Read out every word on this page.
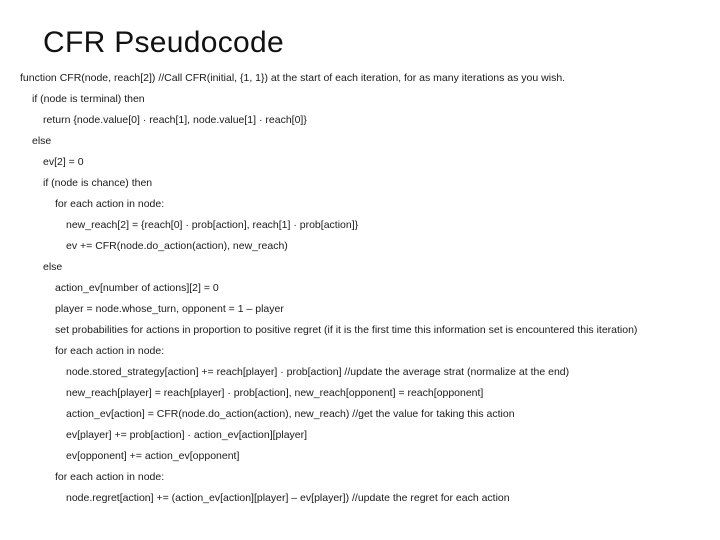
CFR Pseudocode
function CFR(node, reach[2]) //Call CFR(initial, {1, 1}) at the start of each iteration, for as many iterations as you wish.
if (node is terminal) then
return {node.value[0] · reach[1], node.value[1] · reach[0]}
else
ev[2] = 0
if (node is chance) then
for each action in node:
new_reach[2] = {reach[0] · prob[action], reach[1] · prob[action]}
ev += CFR(node.do_action(action), new_reach)
else
action_ev[number of actions][2] = 0
player = node.whose_turn, opponent = 1 – player
set probabilities for actions in proportion to positive regret (if it is the first time this information set is encountered this iteration)
for each action in node:
node.stored_strategy[action] += reach[player] · prob[action] //update the average strat (normalize at the end)
new_reach[player] = reach[player] · prob[action], new_reach[opponent] = reach[opponent]
action_ev[action] = CFR(node.do_action(action), new_reach) //get the value for taking this action
ev[player] += prob[action] · action_ev[action][player]
ev[opponent] += action_ev[opponent]
for each action in node:
node.regret[action] += (action_ev[action][player] – ev[player]) //update the regret for each action
